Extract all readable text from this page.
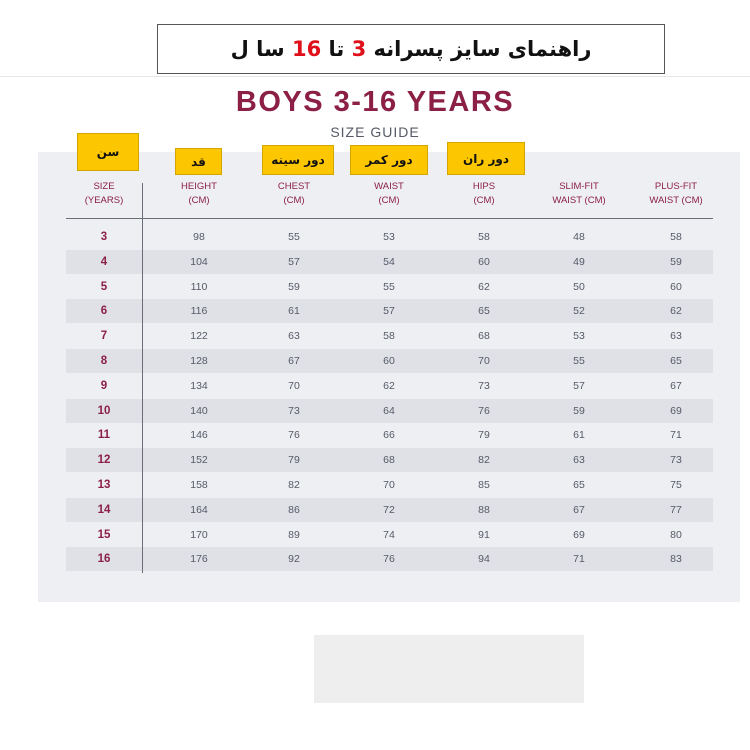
راهنمای سایز پسرانه

3

تا

16

سا ل
BOYS 3-16 YEARS
SIZE GUIDE
SIZE
(YEARS)
HEIGHT
(CM)
CHEST
(CM)
WAIST
(CM)
HIPS
(CM)
SLIM-FIT
WAIST (CM)
PLUS-FIT
WAIST (CM)
3	98	55	53	58	48	58
4	104	57	54	60	49	59
5	110	59	55	62	50	60
6	116	61	57	65	52	62
7	122	63	58	68	53	63
8	128	67	60	70	55	65
9	134	70	62	73	57	67
10	140	73	64	76	59	69
11	146	76	66	79	61	71
12	152	79	68	82	63	73
13	158	82	70	85	65	75
14	164	86	72	88	67	77
15	170	89	74	91	69	80
16	176	92	76	94	71	83
سن
قد	دور سینه	دور کمر	دور ران
